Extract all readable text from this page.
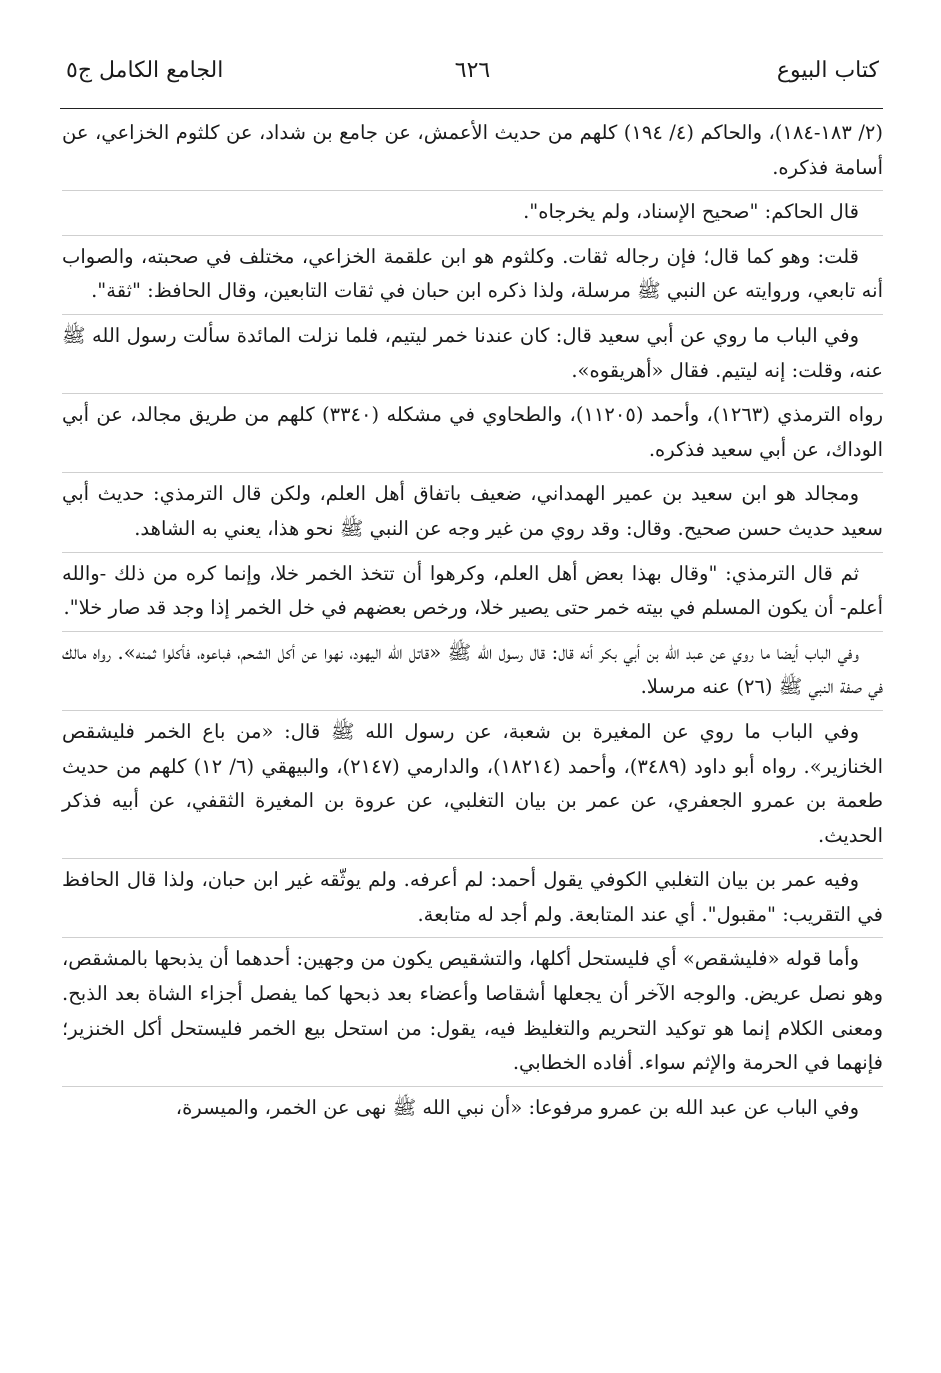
كتاب البيوع
٦٢٦
الجامع الكامل ج٥

(٢/ ١٨٣-١٨٤)، والحاكم (٤/ ١٩٤) كلهم من حديث الأعمش، عن جامع بن شداد، عن كلثوم الخزاعي، عن أسامة فذكره.

قال الحاكم: "صحيح الإسناد، ولم يخرجاه".

قلت: وهو كما قال؛ فإن رجاله ثقات. وكلثوم هو ابن علقمة الخزاعي، مختلف في صحبته، والصواب أنه تابعي، وروايته عن النبي ﷺ مرسلة، ولذا ذكره ابن حبان في ثقات التابعين، وقال الحافظ: "ثقة".

وفي الباب ما روي عن أبي سعيد قال: كان عندنا خمر ليتيم، فلما نزلت المائدة سألت رسول الله ﷺ عنه، وقلت: إنه ليتيم. فقال «أهريقوه».

رواه الترمذي (١٢٦٣)، وأحمد (١١٢٠٥)، والطحاوي في مشكله (٣٣٤٠) كلهم من طريق مجالد، عن أبي الوداك، عن أبي سعيد فذكره.

ومجالد هو ابن سعيد بن عمير الهمداني، ضعيف باتفاق أهل العلم، ولكن قال الترمذي: حديث أبي سعيد حديث حسن صحيح. وقال: وقد روي من غير وجه عن النبي ﷺ نحو هذا، يعني به الشاهد.

ثم قال الترمذي: "وقال بهذا بعض أهل العلم، وكرهوا أن تتخذ الخمر خلا، وإنما كره من ذلك -والله أعلم- أن يكون المسلم في بيته خمر حتى يصير خلا، ورخص بعضهم في خل الخمر إذا وجد قد صار خلا".

وفي الباب أيضا ما روي عن عبد الله بن أبي بكر أنه قال: قال رسول الله ﷺ «قاتل الله اليهود، نهوا عن أكل الشحم، فباعوه، فأكلوا ثمنه». رواه مالك في صفة النبي ﷺ (٢٦) عنه مرسلا.

وفي الباب ما روي عن المغيرة بن شعبة، عن رسول الله ﷺ قال: «من باع الخمر فليشقص الخنازير». رواه أبو داود (٣٤٨٩)، وأحمد (١٨٢١٤)، والدارمي (٢١٤٧)، والبيهقي (٦/ ١٢) كلهم من حديث طعمة بن عمرو الجعفري، عن عمر بن بيان التغلبي، عن عروة بن المغيرة الثقفي، عن أبيه فذكر الحديث.

وفيه عمر بن بيان التغلبي الكوفي يقول أحمد: لم أعرفه. ولم يوثّقه غير ابن حبان، ولذا قال الحافظ في التقريب: "مقبول". أي عند المتابعة. ولم أجد له متابعة.

وأما قوله «فليشقص» أي فليستحل أكلها، والتشقيص يكون من وجهين: أحدهما أن يذبحها بالمشقص، وهو نصل عريض. والوجه الآخر أن يجعلها أشقاصا وأعضاء بعد ذبحها كما يفصل أجزاء الشاة بعد الذبح. ومعنى الكلام إنما هو توكيد التحريم والتغليظ فيه، يقول: من استحل بيع الخمر فليستحل أكل الخنزير؛ فإنهما في الحرمة والإثم سواء. أفاده الخطابي.

وفي الباب عن عبد الله بن عمرو مرفوعا: «أن نبي الله ﷺ نهى عن الخمر، والميسرة،
